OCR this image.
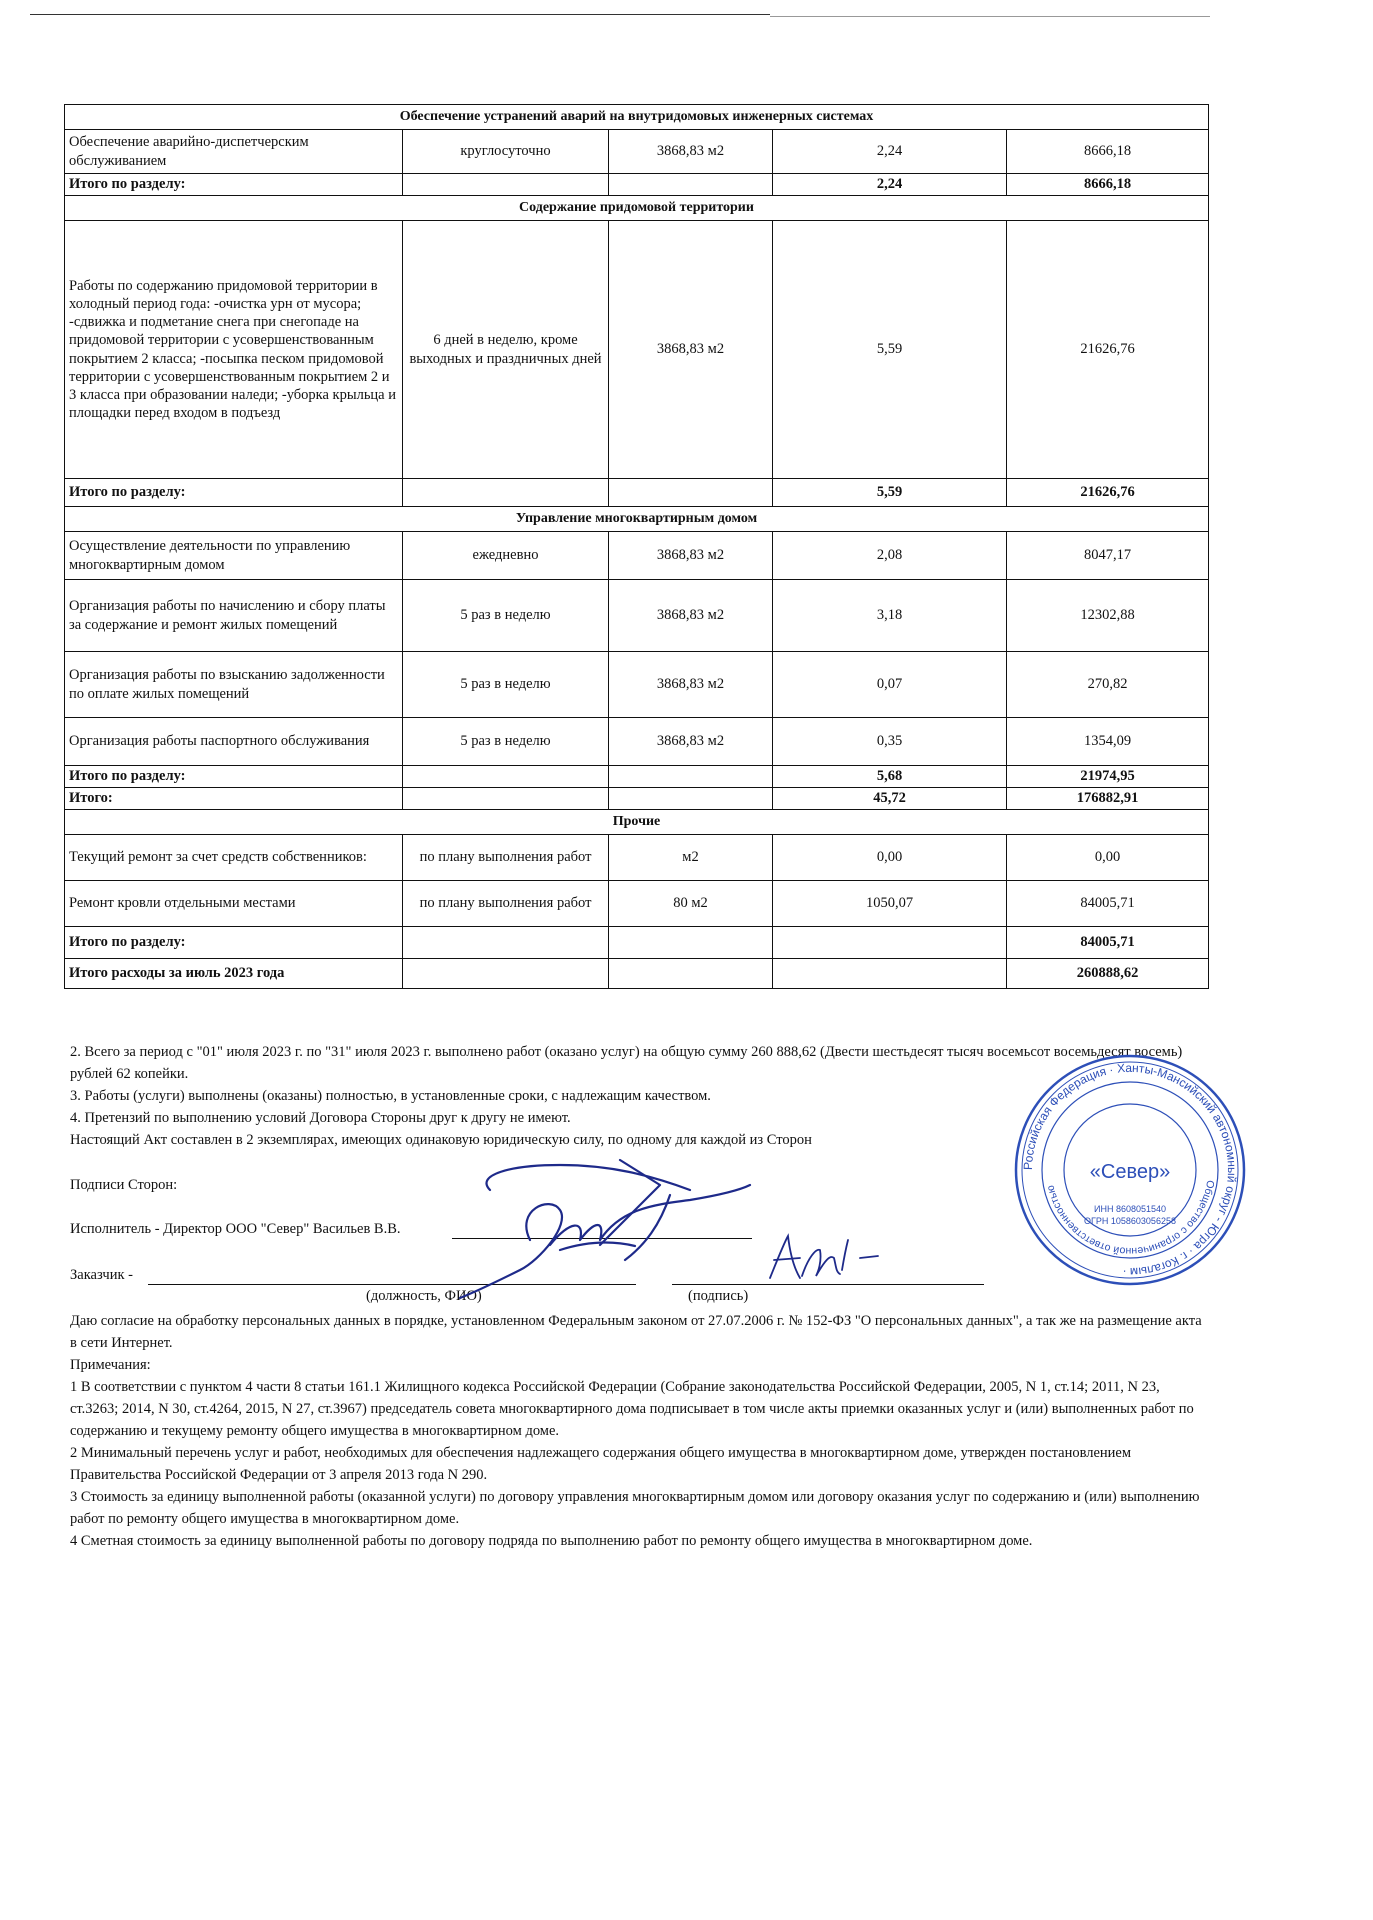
Обеспечение устранений аварий на внутридомовых инженерных системах				
Обеспечение аварийно-диспетчерским обслуживанием	круглосуточно	3868,83 м2	2,24	8666,18
Итого по разделу:			2,24	8666,18
Содержание придомовой территории				
Работы по содержанию придомовой территории в холодный период года: -очистка урн от мусора; -сдвижка и подметание снега при снегопаде на придомовой территории с усовершенствованным покрытием 2 класса; -посыпка песком придомовой территории с усовершенствованным покрытием 2 и 3 класса при образовании наледи; -уборка крыльца и площадки перед входом в подъезд	6 дней в неделю, кроме выходных и праздничных дней	3868,83 м2	5,59	21626,76
Итого по разделу:			5,59	21626,76
Управление многоквартирным домом				
Осуществление деятельности по управлению многоквартирным домом	ежедневно	3868,83 м2	2,08	8047,17
Организация работы по начислению и сбору платы за содержание и ремонт жилых помещений	5 раз в неделю	3868,83 м2	3,18	12302,88
Организация работы по взысканию задолженности по оплате жилых помещений	5 раз в неделю	3868,83 м2	0,07	270,82
Организация работы паспортного обслуживания	5 раз в неделю	3868,83 м2	0,35	1354,09
Итого по разделу:			5,68	21974,95
Итого:			45,72	176882,91
Прочие				
Текущий ремонт за счет средств собственников:	по плану выполнения работ	м2	0,00	0,00
Ремонт кровли отдельными местами	по плану выполнения работ	80 м2	1050,07	84005,71
Итого по разделу:				84005,71
Итого расходы за июль 2023 года				260888,62

2. Всего за период с "01" июля 2023 г. по "31" июля 2023 г. выполнено работ (оказано услуг) на общую сумму 260 888,62 (Двести шестьдесят тысяч восемьсот восемьдесят восемь) рублей 62 копейки.

3. Работы (услуги) выполнены (оказаны) полностью, в установленные сроки, с надлежащим качеством.

4. Претензий по выполнению условий Договора Стороны друг к другу не имеют.

Настоящий Акт составлен в 2 экземплярах, имеющих одинаковую юридическую силу, по одному для каждой из Сторон

Подписи Сторон:

Исполнитель - Директор ООО "Север" Васильев В.В.

Заказчик -

(должность, ФИО)	(подпись)

Даю согласие на обработку персональных данных в порядке, установленном Федеральным законом от 27.07.2006 г. № 152-ФЗ "О персональных данных", а так же на размещение акта в сети Интернет.

Примечания:

1 В соответствии с пунктом 4 части 8 статьи 161.1 Жилищного кодекса Российской Федерации (Собрание законодательства Российской Федерации, 2005, N 1, ст.14; 2011, N 23, ст.3263; 2014, N 30, ст.4264, 2015, N 27, ст.3967) председатель совета многоквартирного дома подписывает в том числе акты приемки оказанных услуг и (или) выполненных работ по содержанию и текущему ремонту общего имущества в многоквартирном доме.

2 Минимальный перечень услуг и работ, необходимых для обеспечения надлежащего содержания общего имущества в многоквартирном доме, утвержден постановлением Правительства Российской Федерации от 3 апреля 2013 года N 290.

3 Стоимость за единицу выполненной работы (оказанной услуги) по договору управления многоквартирным домом или договору оказания услуг по содержанию и (или) выполнению работ по ремонту общего имущества в многоквартирном доме.

4 Сметная стоимость за единицу выполненной работы по договору подряда по выполнению работ по ремонту общего имущества в многоквартирном доме.

Российская Федерация · Ханты-Мансийский автономный округ - Югра · г. Когалым ·
Общество с ограниченной ответственностью
«Север»
ИНН 8608051540
ОГРН 1058603056258
